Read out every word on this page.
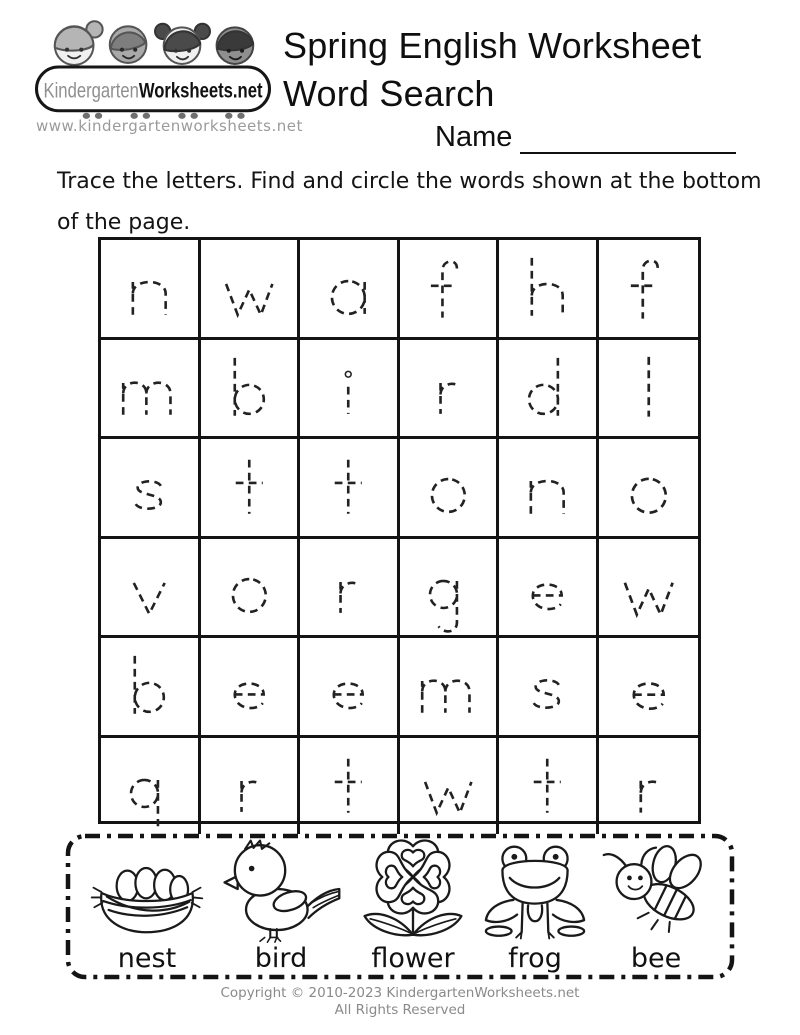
KindergartenWorksheets.net
www.kindergartenworksheets.net
Spring English Worksheet
Word Search
Name
Trace the letters. Find and circle the words shown at the bottom
of the page.
nest	bird flower frog	bee
Copyright © 2010-2023 KindergartenWorksheets.net
All Rights Reserved
